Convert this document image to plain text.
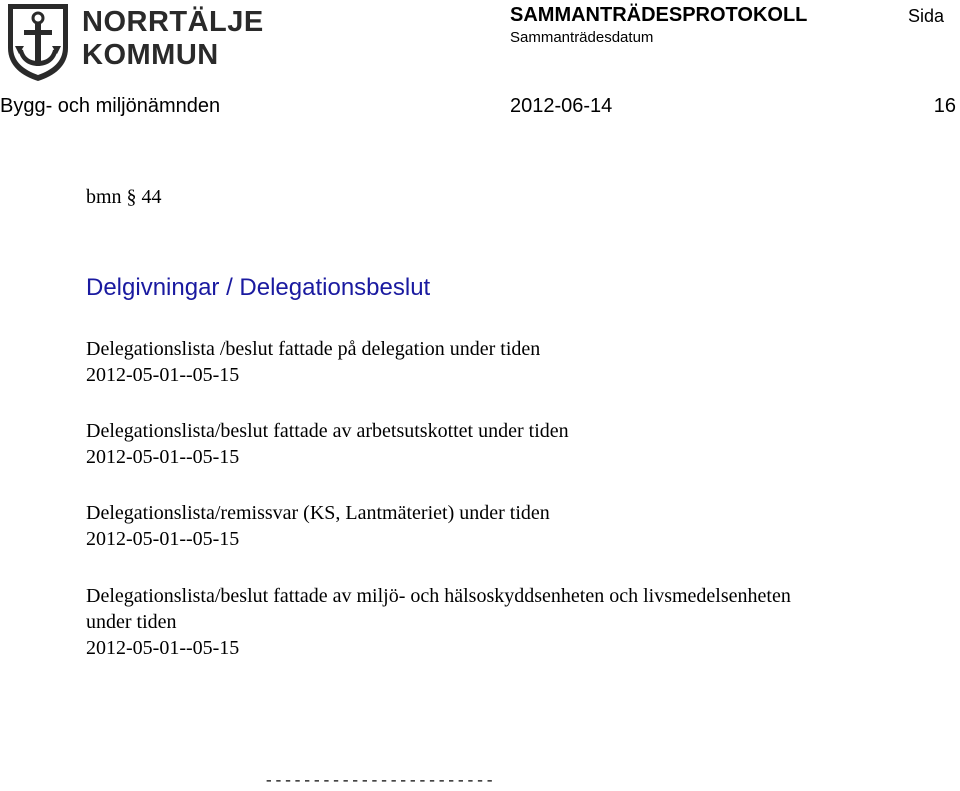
NORRTÄLJE
KOMMUN
SAMMANTRÄDESPROTOKOLL
Sammanträdesdatum
Sida
Bygg- och miljönämnden	2012-06-14	16
bmn § 44
Delgivningar / Delegationsbeslut
Delegationslista /beslut fattade på delegation under tiden
2012-05-01--05-15
Delegationslista/beslut fattade av arbetsutskottet under tiden
2012-05-01--05-15
Delegationslista/remissvar (KS, Lantmäteriet) under tiden
2012-05-01--05-15
Delegationslista/beslut fattade av miljö- och hälsoskyddsenheten och livsmedelsenheten
under tiden
2012-05-01--05-15
------------------------
